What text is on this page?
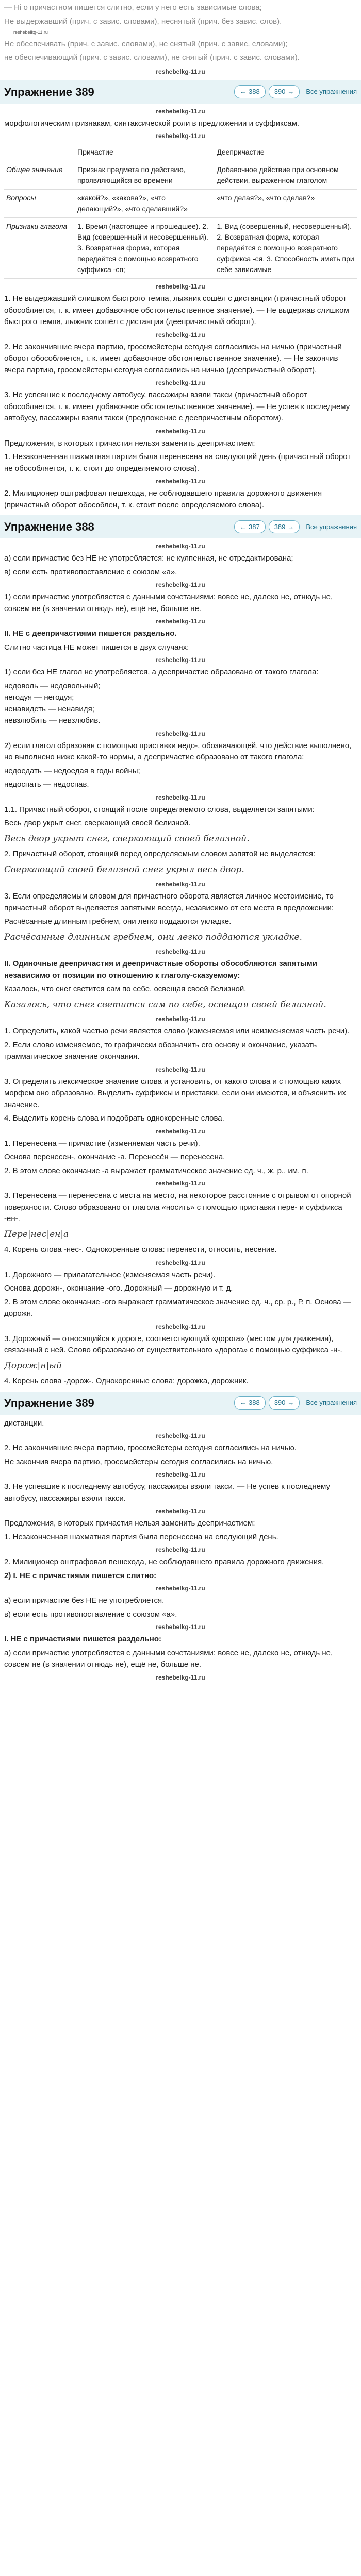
— Ні о причастном пишется слитно, если у него есть зависимые слова;

Не выдержавший (прич. с завис. словами), неснятый (прич. без завис. слов).

reshebelkg-11.ru

Не обеспечивать (прич. с завис. словами), не снятый (прич. с завис. словами);

не обеспечивающий (прич. с завис. словами), не снятый (прич. с завис. словами).

reshebelkg-11.ru
Упражнение 389	← 388 390 → Все упражнения
reshebelkg-11.ru

морфологическим признакам, синтаксической роли в предложении и суффиксам.

reshebelkg-11.ru
	Причастие	Деепричастие
Общее значение	Признак предмета по действию, проявляющийся во времени	Добавочное действие при основном действии, выраженном глаголом
Вопросы	«какой?», «какова?», «что делающий?», «что сделавший?»	«что делая?», «что сделав?»
Признаки глагола	1. Время (настоящее и прошедшее). 2. Вид (совершенный и несовершенный). 3. Возвратная форма, которая передаётся с помощью возвратного суффикса -ся;	1. Вид (совершенный, несовершенный). 2. Возвратная форма, которая передаётся с помощью возвратного суффикса -ся. 3. Способность иметь при себе зависимые
reshebelkg-11.ru

1. Не выдержавший слишком быстрого темпа, лыжник сошёл с дистанции (причастный оборот обособляется, т. к. имеет добавочное обстоятельственное значение). — Не выдержав слишком быстрого темпа, лыжник сошёл с дистанции (деепричастный оборот).

reshebelkg-11.ru

2. Не закончившие вчера партию, гроссмейстеры сегодня согласились на ничью (причастный оборот обособляется, т. к. имеет добавочное обстоятельственное значение). — Не закончив вчера партию, гроссмейстеры сегодня согласились на ничью (деепричастный оборот).

reshebelkg-11.ru

3. Не успевшие к последнему автобусу, пассажиры взяли такси (причастный оборот обособляется, т. к. имеет добавочное обстоятельственное значение). — Не успев к последнему автобусу, пассажиры взяли такси (предложение с деепричастным оборотом).

reshebelkg-11.ru

Предложения, в которых причастия нельзя заменить деепричастием:

1. Незаконченная шахматная партия была перенесена на следующий день (причастный оборот не обособляется, т. к. стоит до определяемого слова).

reshebelkg-11.ru

2. Милиционер оштрафовал пешехода, не соблюдавшего правила дорожного движения (причастный оборот обособлен, т. к. стоит после определяемого слова).

Упражнение 388	← 387 389 → Все упражнения
reshebelkg-11.ru

а) если причастие без НЕ не употребляется: не кулпенная, не отредактирована;

в) если есть противопоставление с союзом «а».

reshebelkg-11.ru

1) если причастие употребляется с данными сочетаниями: вовсе не, далеко не, отнюдь не, совсем не (в значении отнюдь не), ещё не, больше не.

reshebelkg-11.ru

II. НЕ с деепричастиями пишется раздельно.

Слитно частица НЕ может пишется в двух случаях:

reshebelkg-11.ru

1) если без НЕ глагол не употребляется, а деепричастие образовано от такого глагола:

недоволь — недовольный;
негодуя — негодуя;
ненавидеть — ненавидя;
невзлюбить — невзлюбив.
reshebelkg-11.ru

2) если глагол образован с помощью приставки недо-, обозначающей, что действие выполнено, но выполнено ниже какой-то нормы, а деепричастие образовано от такого глагола:

недоедать — недоедая в годы войны;

недоспать — недоспав.

reshebelkg-11.ru

1.1. Причастный оборот, стоящий после определяемого слова, выделяется запятыми:

Весь двор укрыт снег, сверкающий своей белизной.

Весь двор укрыт снег, сверкающий своей белизной.

2. Причастный оборот, стоящий перед определяемым словом запятой не выделяется:

Сверкающий своей белизной снег укрыл весь двор.
reshebelkg-11.ru

3. Если определяемым словом для причастного оборота является личное местоимение, то причастный оборот выделяется запятыми всегда, независимо от его места в предложении:

Расчёсанные длинным гребнем, они легко поддаются укладке.

Расчёсанные длинным гребнем, они легко поддаются укладке.
reshebelkg-11.ru

II. Одиночные деепричастия и деепричастные обороты обособляются запятыми независимо от позиции по отношению к глаголу-сказуемому:

Казалось, что снег светится сам по себе, освещая своей белизной.

Казалось, что снег светится сам по себе, освещая своей белизной.
reshebelkg-11.ru

1. Определить, какой частью речи является слово (изменяемая или неизменяемая часть речи).

2. Если слово изменяемое, то графически обозначить его основу и окончание, указать грамматическое значение окончания.

reshebelkg-11.ru

3. Определить лексическое значение слова и установить, от какого слова и с помощью каких морфем оно образовано. Выделить суффиксы и приставки, если они имеются, и объяснить их значение.

4. Выделить корень слова и подобрать однокоренные слова.

reshebelkg-11.ru

1. Перенесена — причастие (изменяемая часть речи).

Основа перенесен-, окончание -а. Перенесён — перенесена.

2. В этом слове окончание -а выражает грамматическое значение ед. ч., ж. р., им. п.

reshebelkg-11.ru

3. Перенесена — перенесена с места на место, на некоторое расстояние с отрывом от опорной поверхности. Слово образовано от глагола «носить» с помощью приставки пере- и суффикса -ен-.

Пере|нес|ен|а

4. Корень слова -нес-. Однокоренные слова: перенести, относить, несение.

reshebelkg-11.ru

1. Дорожного — прилагательное (изменяемая часть речи).

Основа дорожн-, окончание -ого. Дорожный — дорожную и т. д.

2. В этом слове окончание -ого выражает грамматическое значение ед. ч., ср. р., Р. п. Основа — дорожн.

reshebelkg-11.ru

3. Дорожный — относящийся к дороге, соответствующий «дорога» (местом для движения), связанный с ней. Слово образовано от существительного «дорога» с помощью суффикса -н-.

Дорож|н|ый

4. Корень слова -дорож-. Однокоренные слова: дорожка, дорожник.

Упражнение 389	← 388 390 → Все упражнения

дистанции.

reshebelkg-11.ru

2. Не закончившие вчера партию, гроссмейстеры сегодня согласились на ничью.

Не закончив вчера партию, гроссмейстеры сегодня согласились на ничью.

reshebelkg-11.ru

3. Не успевшие к последнему автобусу, пассажиры взяли такси. — Не успев к последнему автобусу, пассажиры взяли такси.

reshebelkg-11.ru

Предложения, в которых причастия нельзя заменить деепричастием:

1. Незаконченная шахматная партия была перенесена на следующий день.

reshebelkg-11.ru

2. Милиционер оштрафовал пешехода, не соблюдавшего правила дорожного движения.

2) I. НЕ с причастиями пишется слитно:

reshebelkg-11.ru

а) если причастие без НЕ не употребляется.

в) если есть противопоставление с союзом «а».

reshebelkg-11.ru

I. НЕ с причастиями пишется раздельно:

а) если причастие употребляется с данными сочетаниями: вовсе не, далеко не, отнюдь не, совсем не (в значении отнюдь не), ещё не, больше не.

reshebelkg-11.ru
